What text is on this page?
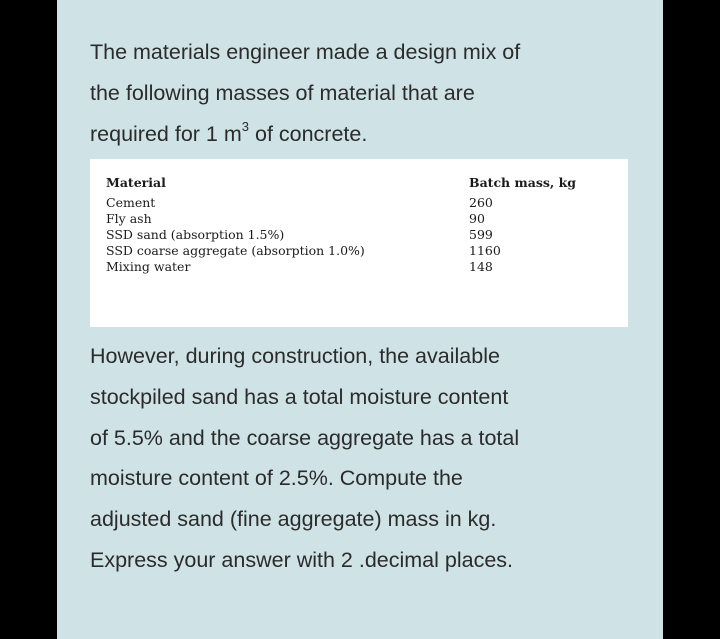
The materials engineer made a design mix of
the following masses of material that are
required for 1 $m^3$ of concrete.
Material	Batch mass, kg
Cement	260
Fly ash	90
SSD sand (absorption 1.5%)	599
SSD coarse aggregate (absorption 1.0%)	1160
Mixing water	148
However, during construction, the available
stockpiled sand has a total moisture content
of 5.5% and the coarse aggregate has a total
moisture content of 2.5%. Compute the
adjusted sand (fine aggregate) mass in kg.
Express your answer with 2 .decimal places.
